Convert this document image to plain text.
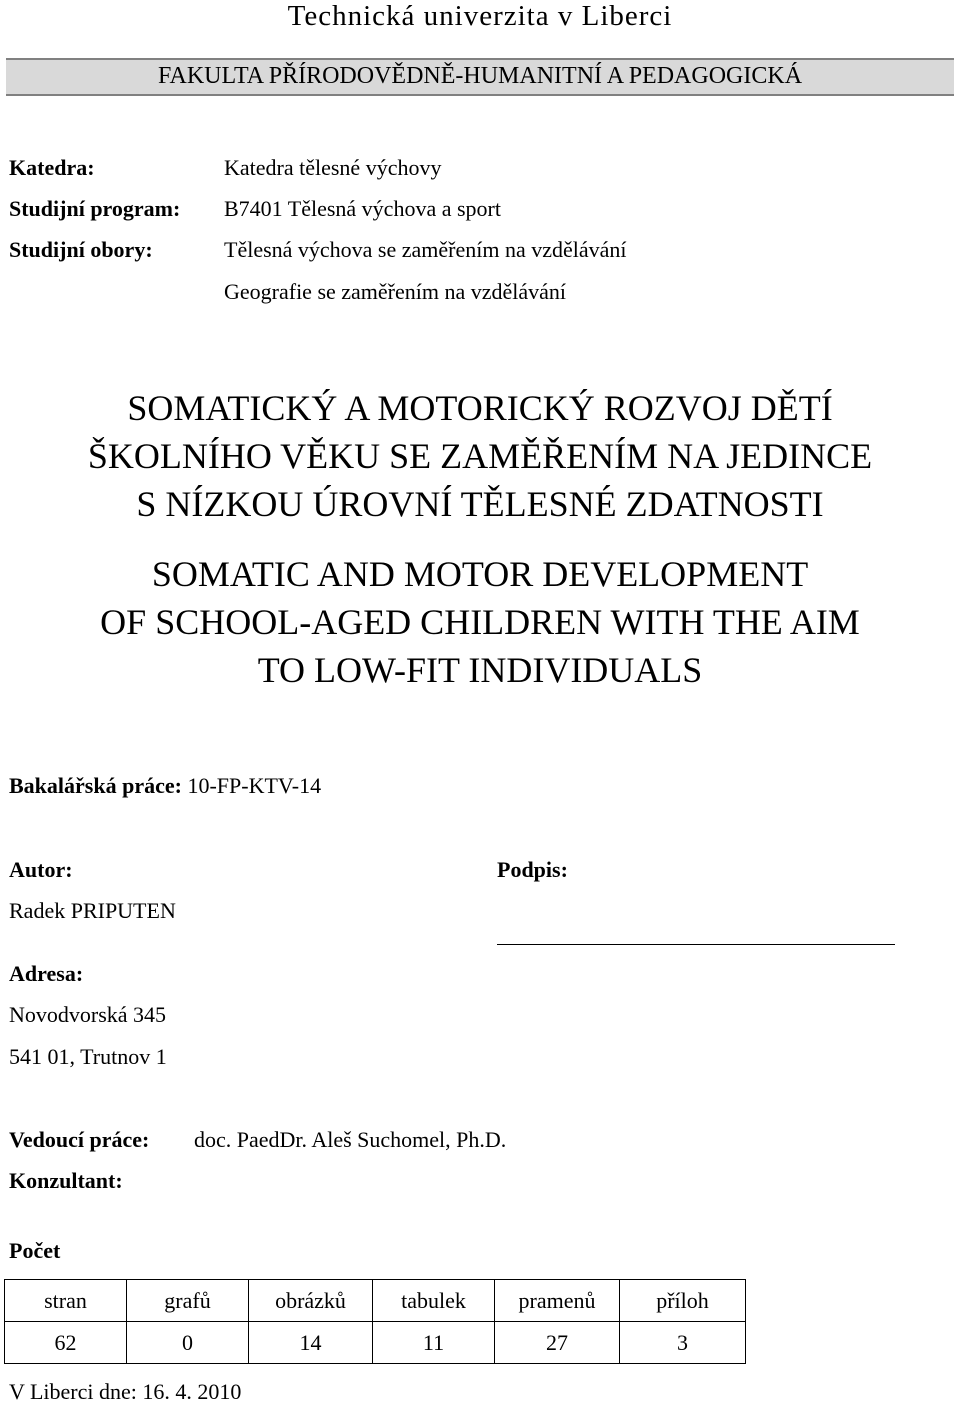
Technická univerzita v Liberci
FAKULTA PŘÍRODOVĚDNĚ-HUMANITNÍ A PEDAGOGICKÁ
Katedra:	Katedra tělesné výchovy
Studijní program: B7401 Tělesná výchova a sport
Studijní obory:	Tělesná výchova se zaměřením na vzdělávání
Geografie se zaměřením na vzdělávání
SOMATICKÝ A MOTORICKÝ ROZVOJ DĚTÍ
ŠKOLNÍHO VĚKU SE ZAMĚŘENÍM NA JEDINCE
S NÍZKOU ÚROVNÍ TĚLESNÉ ZDATNOSTI
SOMATIC AND MOTOR DEVELOPMENT
OF SCHOOL-AGED CHILDREN WITH THE AIM
TO LOW-FIT INDIVIDUALS
Bakalářská práce: 10-FP-KTV-14
Autor:
Radek PRIPUTEN
Podpis:
Adresa:
Novodvorská 345
541 01, Trutnov 1
Vedoucí práce: doc. PaedDr. Aleš Suchomel, Ph.D.
Konzultant:
Počet
stran	grafů	obrázků	tabulek	pramenů	příloh
62	0	14	11	27	3
V Liberci dne: 16. 4. 2010
